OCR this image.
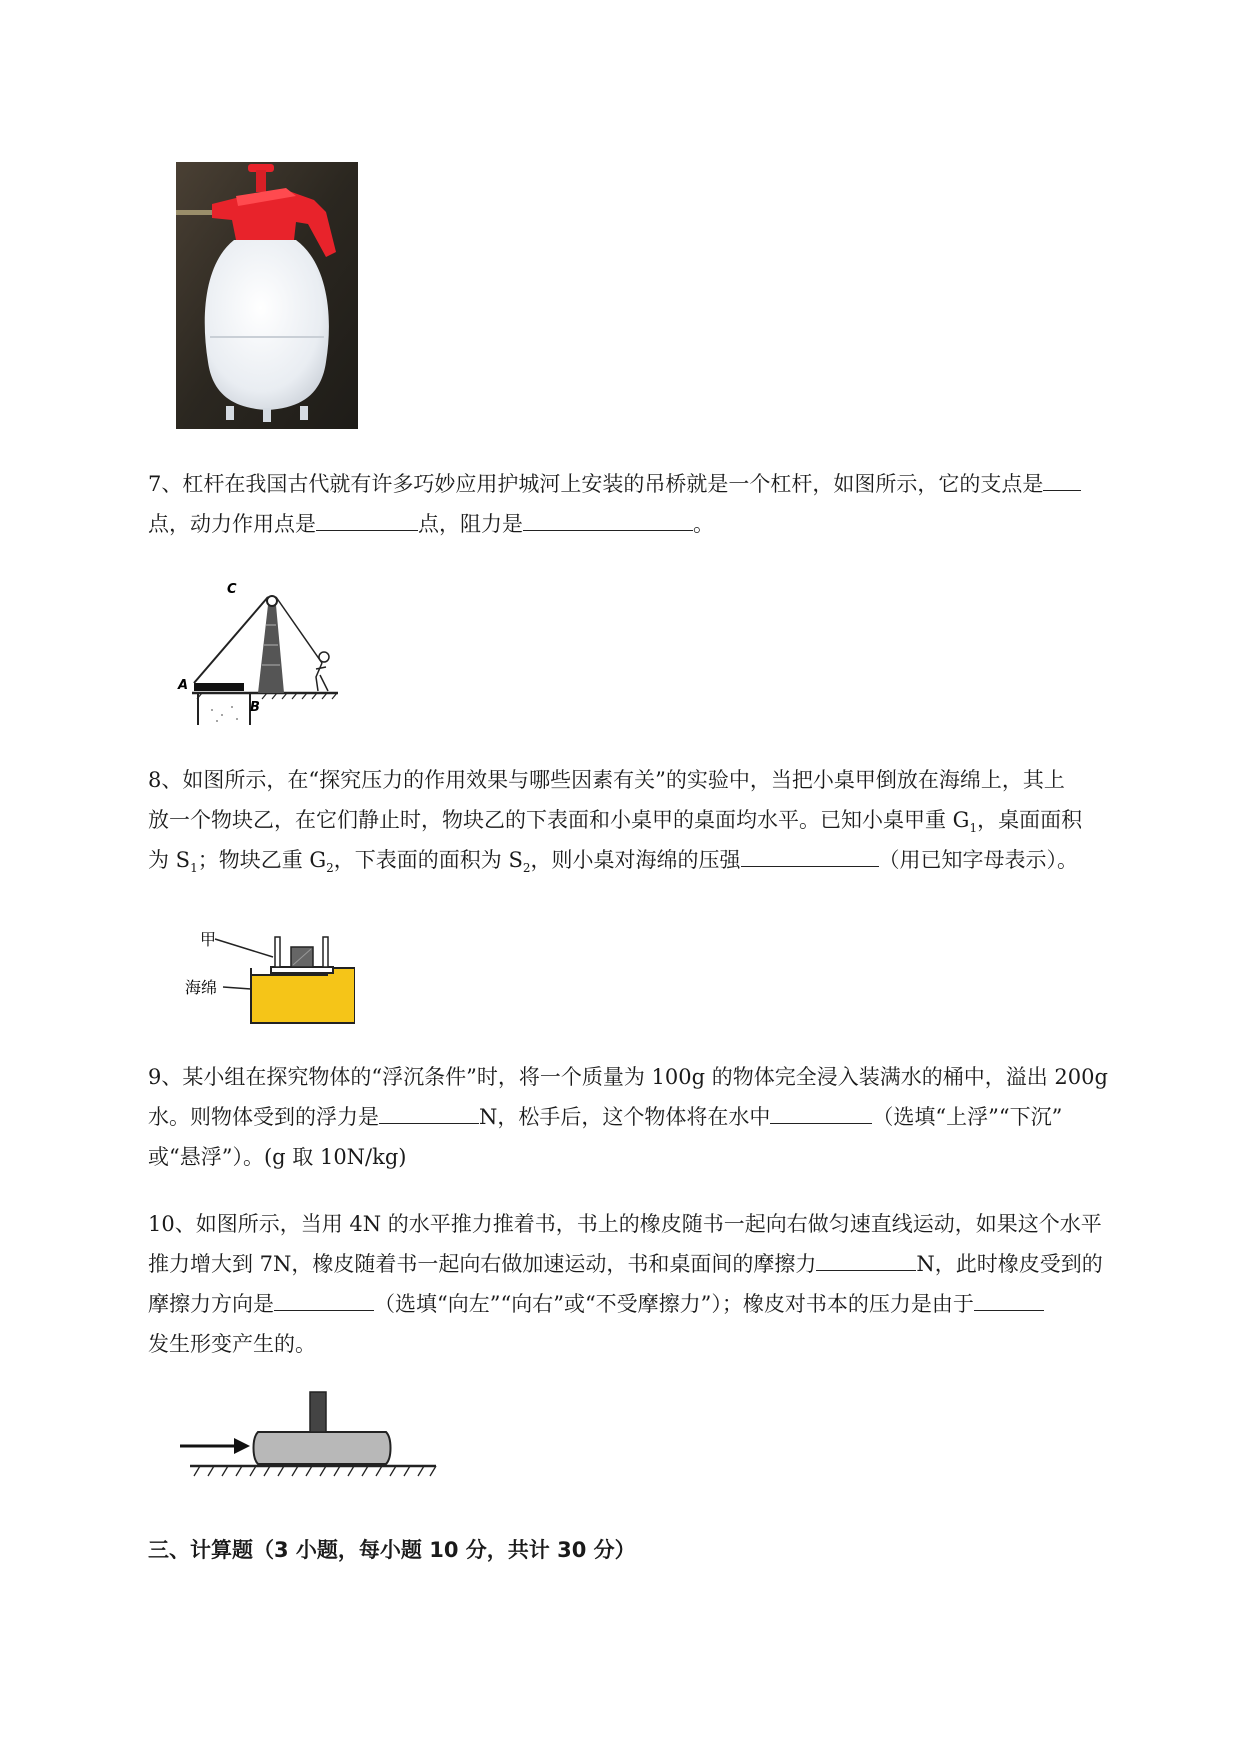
7、杠杆在我国古代就有许多巧妙应用护城河上安装的吊桥就是一个杠杆，如图所示，它的支点是
点，动力作用点是	点，阻力是	。
C
A
B
8、如图所示，在“探究压力的作用效果与哪些因素有关”的实验中，当把小桌甲倒放在海绵上，其上
放一个物块乙，在它们静止时，物块乙的下表面和小桌甲的桌面均水平。已知小桌甲重 $G_1$，桌面面积
为 $S_1$；物块乙重 $G_2$，下表面的面积为 $S_2$，则小桌对海绵的压强	（用已知字母表示）。
甲
海绵
9、某小组在探究物体的“浮沉条件”时，将一个质量为 100g 的物体完全浸入装满水的桶中，溢出 200g
水。则物体受到的浮力是	N，松手后，这个物体将在水中	（选填“上浮”“下沉”
或“悬浮”）。(g 取 10N/kg)
10、如图所示，当用 4N 的水平推力推着书，书上的橡皮随书一起向右做匀速直线运动，如果这个水平
推力增大到 7N，橡皮随着书一起向右做加速运动，书和桌面间的摩擦力	N，此时橡皮受到的
摩擦力方向是	（选填“向左”“向右”或“不受摩擦力”）；橡皮对书本的压力是由于
发生形变产生的。
三、计算题（3 小题，每小题 10 分，共计 30 分）
